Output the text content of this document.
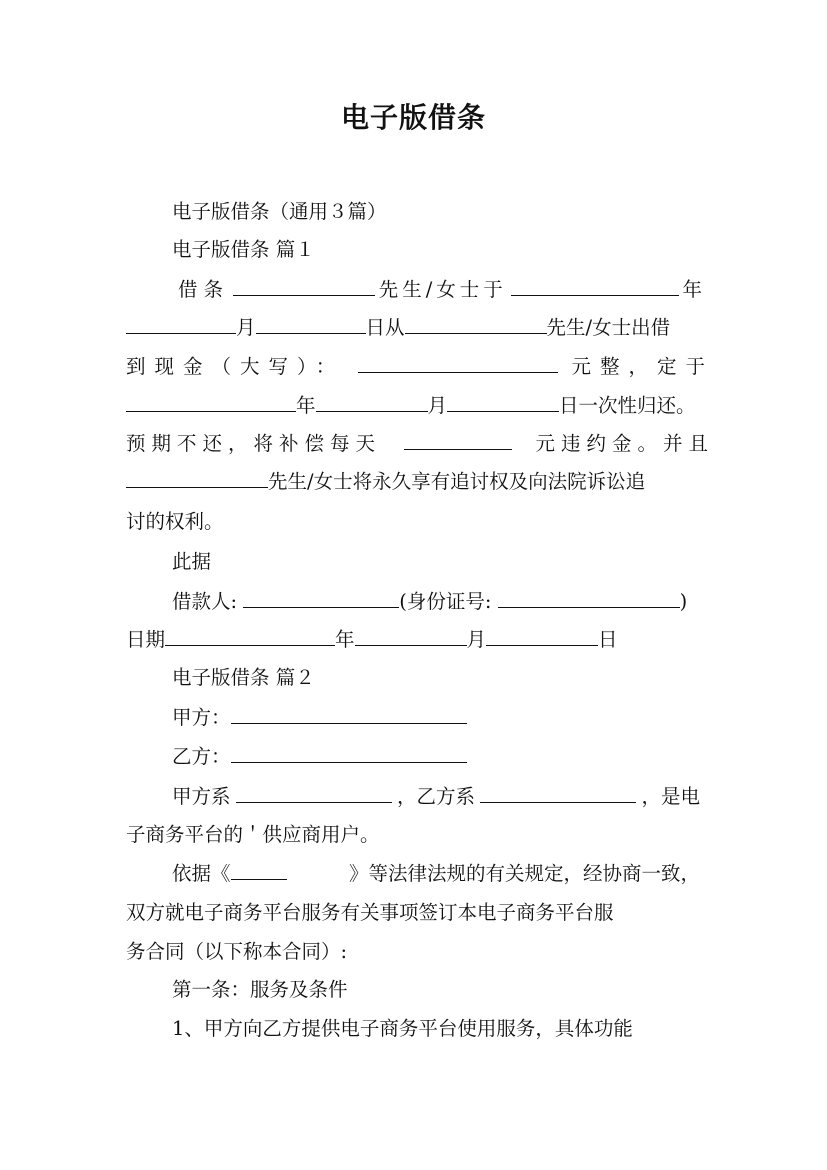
电子版借条
电子版借条（通用３篇）
电子版借条 篇１
借条	先生/女士于	年
月	日从	先生/女士出借
到现金（大写）：	元整，定于
年	月	日一次性归还。
预期不还，将补偿每天	元违约金。并且
先生/女士将永久享有追讨权及向法院诉讼追
讨的权利。
此据
借款人:	(身份证号:	)
日期	年	月	日
电子版借条 篇２
甲方：
乙方：
甲方系	，乙方系	，是电
子商务平台的＇供应商用户。
依据《	》等法律法规的有关规定，经协商一致，
双方就电子商务平台服务有关事项签订本电子商务平台服
务合同（以下称本合同）:
第一条：服务及条件
1、甲方向乙方提供电子商务平台使用服务，具体功能
